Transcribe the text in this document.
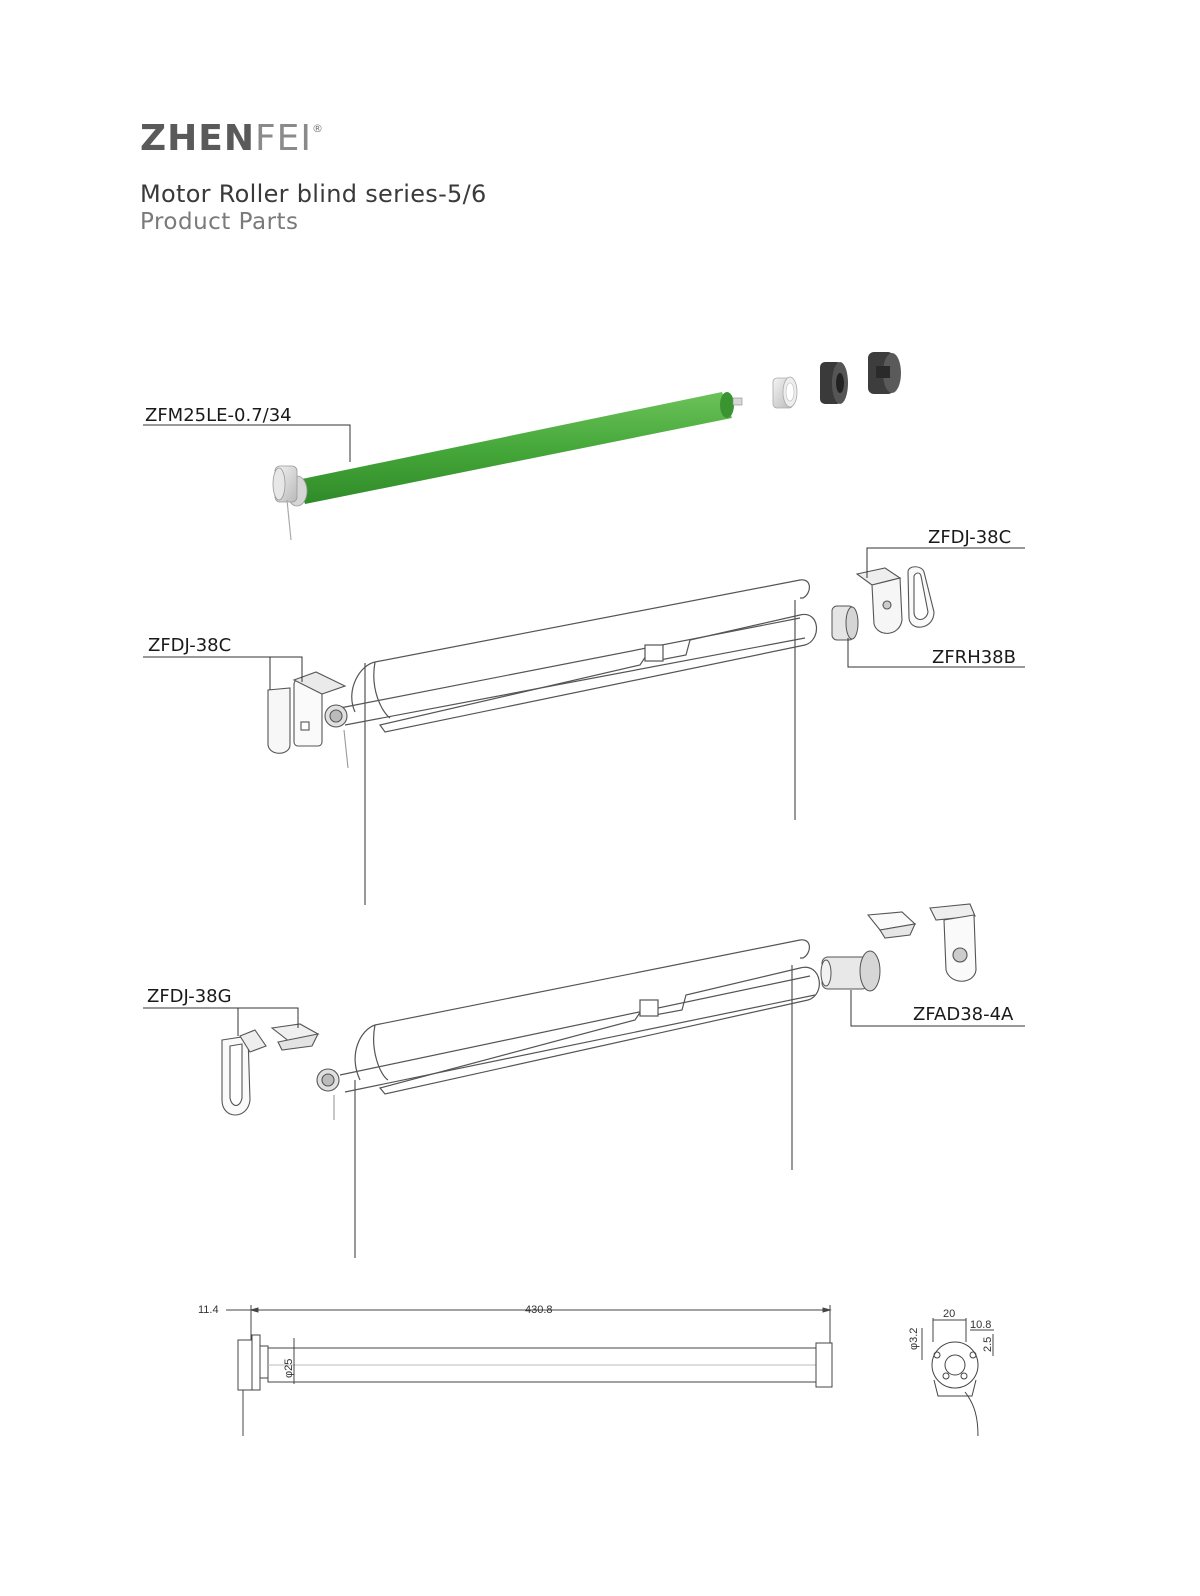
ZHENFEI®
Motor Roller blind series-5/6
Product Parts
11.4	430.8
φ25
20
10.8
φ3.2	2.5
ZFM25LE-0.7/34
ZFDJ-38C
ZFDJ-38C
ZFRH38B
ZFDJ-38G
ZFAD38-4A
